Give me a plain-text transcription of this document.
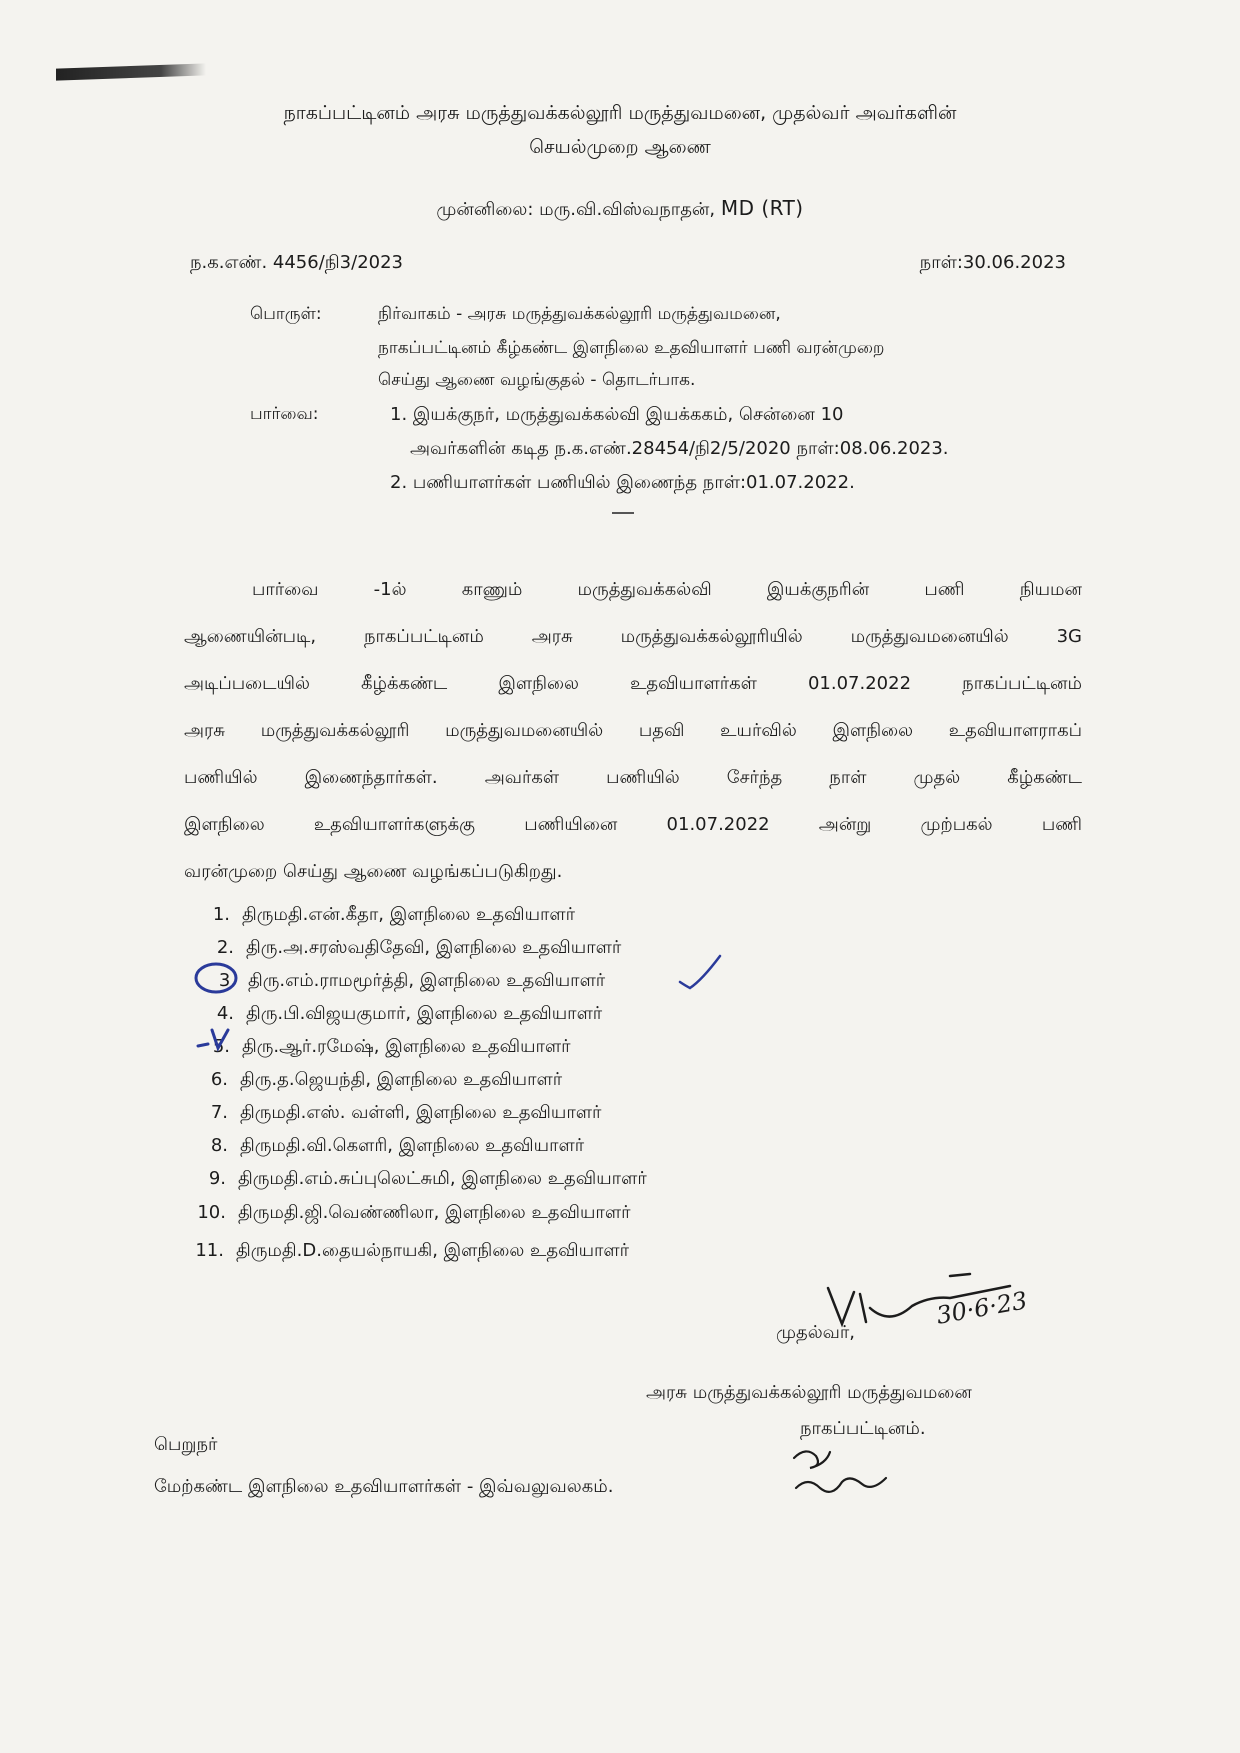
நாகப்பட்டினம் அரசு மருத்துவக்கல்லூரி மருத்துவமனை, முதல்வர் அவர்களின்
செயல்முறை ஆணை
முன்னிலை: மரு.வி.விஸ்வநாதன், MD (RT)
ந.க.எண். 4456/நி3/2023	நாள்:30.06.2023
பொருள்:	நிர்வாகம் - அரசு மருத்துவக்கல்லூரி மருத்துவமனை,
நாகப்பட்டினம் கீழ்கண்ட இளநிலை உதவியாளர் பணி வரன்முறை
செய்து ஆணை வழங்குதல் - தொடர்பாக.
பார்வை:	1. இயக்குநர், மருத்துவக்கல்வி இயக்ககம், சென்னை 10
அவர்களின் கடித ந.க.எண்.28454/நி2/5/2020 நாள்:08.06.2023.
2. பணியாளர்கள் பணியில் இணைந்த நாள்:01.07.2022.
பார்வை -1ல் காணும் மருத்துவக்கல்வி இயக்குநரின் பணி நியமன
ஆணையின்படி, நாகப்பட்டினம் அரசு மருத்துவக்கல்லூரியில் மருத்துவமனையில் 3G
அடிப்படையில் கீழ்க்கண்ட இளநிலை உதவியாளர்கள் 01.07.2022 நாகப்பட்டினம்
அரசு மருத்துவக்கல்லூரி மருத்துவமனையில் பதவி உயர்வில் இளநிலை உதவியாளராகப்
பணியில் இணைந்தார்கள். அவர்கள் பணியில் சேர்ந்த நாள் முதல் கீழ்கண்ட
இளநிலை உதவியாளர்களுக்கு பணியினை 01.07.2022 அன்று முற்பகல் பணி
வரன்முறை செய்து ஆணை வழங்கப்படுகிறது.
1. திருமதி.என்.கீதா, இளநிலை உதவியாளர்
2. திரு.அ.சரஸ்வதிதேவி, இளநிலை உதவியாளர்
3. திரு.எம்.ராமமூர்த்தி, இளநிலை உதவியாளர்
4. திரு.பி.விஜயகுமார், இளநிலை உதவியாளர்
5. திரு.ஆர்.ரமேஷ், இளநிலை உதவியாளர்
6. திரு.த.ஜெயந்தி, இளநிலை உதவியாளர்
7. திருமதி.எஸ். வள்ளி, இளநிலை உதவியாளர்
8. திருமதி.வி.கௌரி, இளநிலை உதவியாளர்
9. திருமதி.எம்.சுப்புலெட்சுமி, இளநிலை உதவியாளர்
10. திருமதி.ஜி.வெண்ணிலா, இளநிலை உதவியாளர்
11. திருமதி.D.தையல்நாயகி, இளநிலை உதவியாளர்
30·6·23
முதல்வர்,
அரசு மருத்துவக்கல்லூரி மருத்துவமனை
நாகப்பட்டினம்.
பெறுநர்
மேற்கண்ட இளநிலை உதவியாளர்கள் - இவ்வலுவலகம்.
